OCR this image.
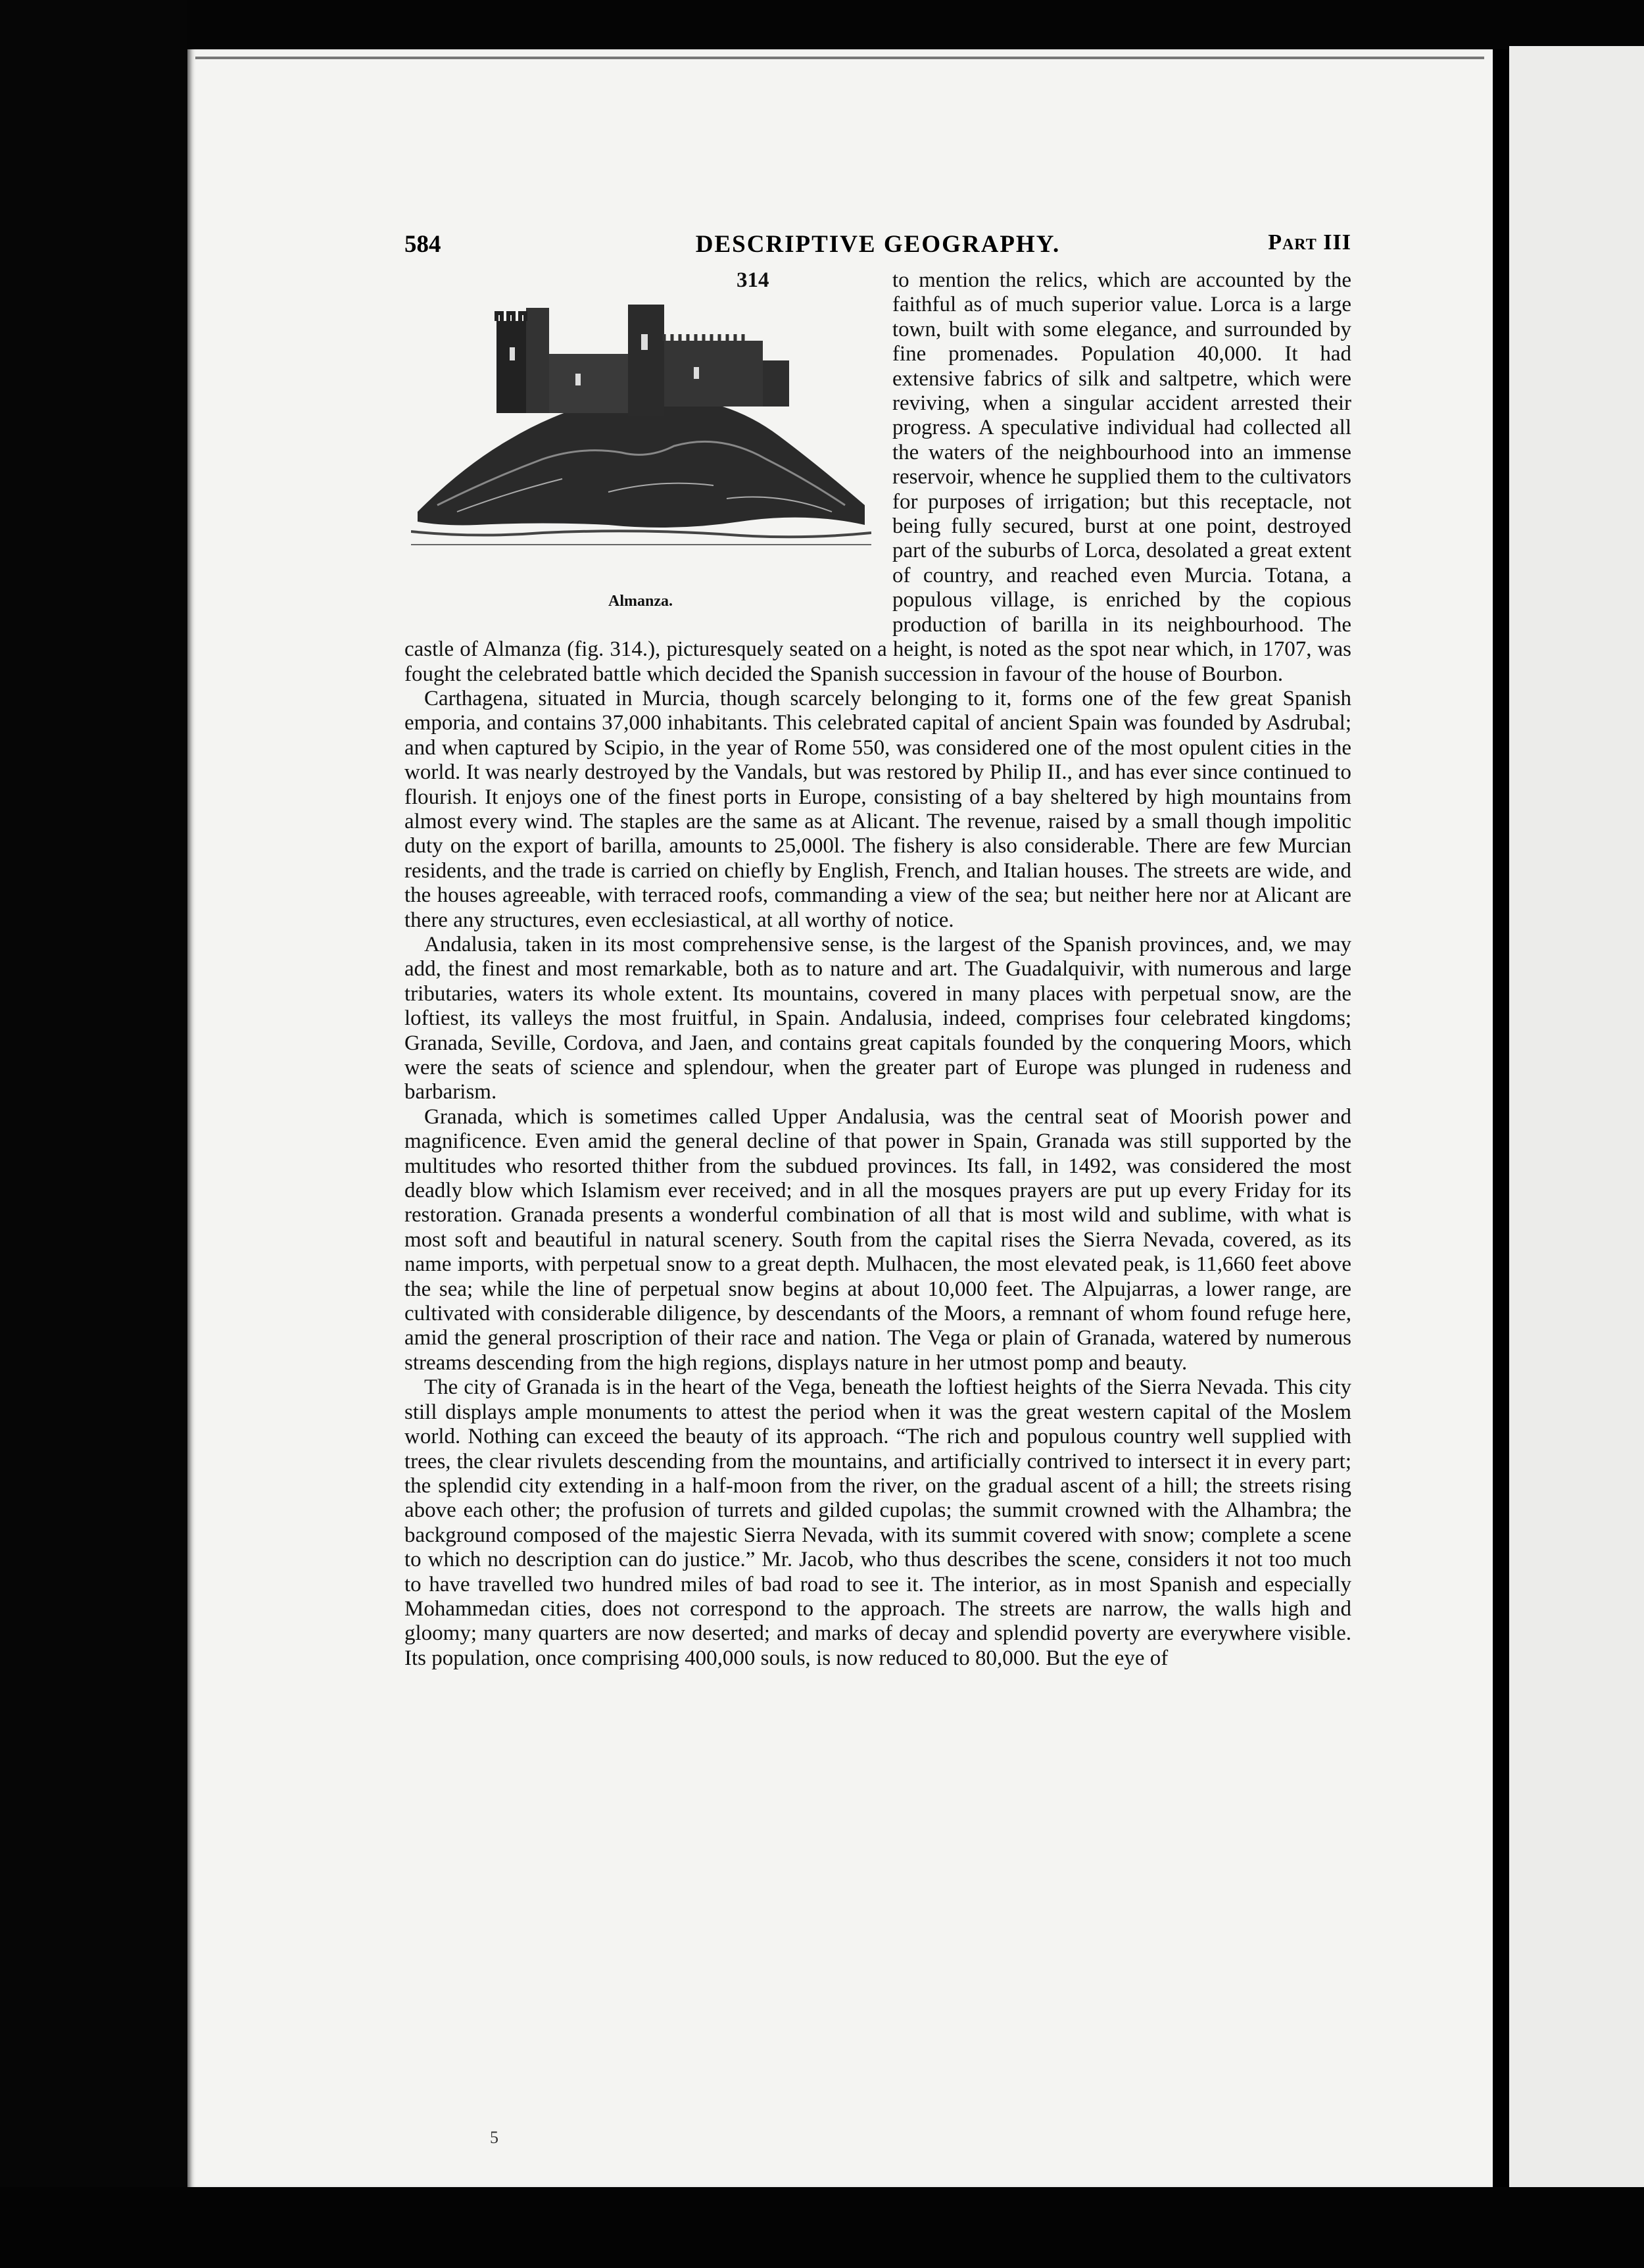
584	DESCRIPTIVE GEOGRAPHY.	Part III

314
Almanza.
to mention the relics, which are accounted by the faithful as of much superior value. Lorca is a large town, built with some elegance, and surrounded by fine promenades. Population 40,000. It had extensive fabrics of silk and saltpetre, which were reviving, when a singular accident arrested their progress. A speculative individual had collected all the waters of the neighbourhood into an immense reservoir, whence he supplied them to the cultivators for purposes of irrigation; but this receptacle, not being fully secured, burst at one point, destroyed part of the suburbs of Lorca, desolated a great extent of country, and reached even Murcia. Totana, a populous village, is enriched by the copious production of barilla in its neighbourhood. The castle of Almanza (fig. 314.), picturesquely seated on a height, is noted as the spot near which, in 1707, was fought the celebrated battle which decided the Spanish succession in favour of the house of Bourbon.

Carthagena, situated in Murcia, though scarcely belonging to it, forms one of the few great Spanish emporia, and contains 37,000 inhabitants. This celebrated capital of ancient Spain was founded by Asdrubal; and when captured by Scipio, in the year of Rome 550, was considered one of the most opulent cities in the world. It was nearly destroyed by the Vandals, but was restored by Philip II., and has ever since continued to flourish. It enjoys one of the finest ports in Europe, consisting of a bay sheltered by high mountains from almost every wind. The staples are the same as at Alicant. The revenue, raised by a small though impolitic duty on the export of barilla, amounts to 25,000l. The fishery is also considerable. There are few Murcian residents, and the trade is carried on chiefly by English, French, and Italian houses. The streets are wide, and the houses agreeable, with terraced roofs, commanding a view of the sea; but neither here nor at Alicant are there any structures, even ecclesiastical, at all worthy of notice.

Andalusia, taken in its most comprehensive sense, is the largest of the Spanish provinces, and, we may add, the finest and most remarkable, both as to nature and art. The Guadalquivir, with numerous and large tributaries, waters its whole extent. Its mountains, covered in many places with perpetual snow, are the loftiest, its valleys the most fruitful, in Spain. Andalusia, indeed, comprises four celebrated kingdoms; Granada, Seville, Cordova, and Jaen, and contains great capitals founded by the conquering Moors, which were the seats of science and splendour, when the greater part of Europe was plunged in rudeness and barbarism.

Granada, which is sometimes called Upper Andalusia, was the central seat of Moorish power and magnificence. Even amid the general decline of that power in Spain, Granada was still supported by the multitudes who resorted thither from the subdued provinces. Its fall, in 1492, was considered the most deadly blow which Islamism ever received; and in all the mosques prayers are put up every Friday for its restoration. Granada presents a wonderful combination of all that is most wild and sublime, with what is most soft and beautiful in natural scenery. South from the capital rises the Sierra Nevada, covered, as its name imports, with perpetual snow to a great depth. Mulhacen, the most elevated peak, is 11,660 feet above the sea; while the line of perpetual snow begins at about 10,000 feet. The Alpujarras, a lower range, are cultivated with considerable diligence, by descendants of the Moors, a remnant of whom found refuge here, amid the general proscription of their race and nation. The Vega or plain of Granada, watered by numerous streams descending from the high regions, displays nature in her utmost pomp and beauty.

The city of Granada is in the heart of the Vega, beneath the loftiest heights of the Sierra Nevada. This city still displays ample monuments to attest the period when it was the great western capital of the Moslem world. Nothing can exceed the beauty of its approach. “The rich and populous country well supplied with trees, the clear rivulets descending from the mountains, and artificially contrived to intersect it in every part; the splendid city extending in a half-moon from the river, on the gradual ascent of a hill; the streets rising above each other; the profusion of turrets and gilded cupolas; the summit crowned with the Alhambra; the background composed of the majestic Sierra Nevada, with its summit covered with snow; complete a scene to which no description can do justice.” Mr. Jacob, who thus describes the scene, considers it not too much to have travelled two hundred miles of bad road to see it. The interior, as in most Spanish and especially Mohammedan cities, does not correspond to the approach. The streets are narrow, the walls high and gloomy; many quarters are now deserted; and marks of decay and splendid poverty are everywhere visible. Its population, once comprising 400,000 souls, is now reduced to 80,000. But the eye of

5
